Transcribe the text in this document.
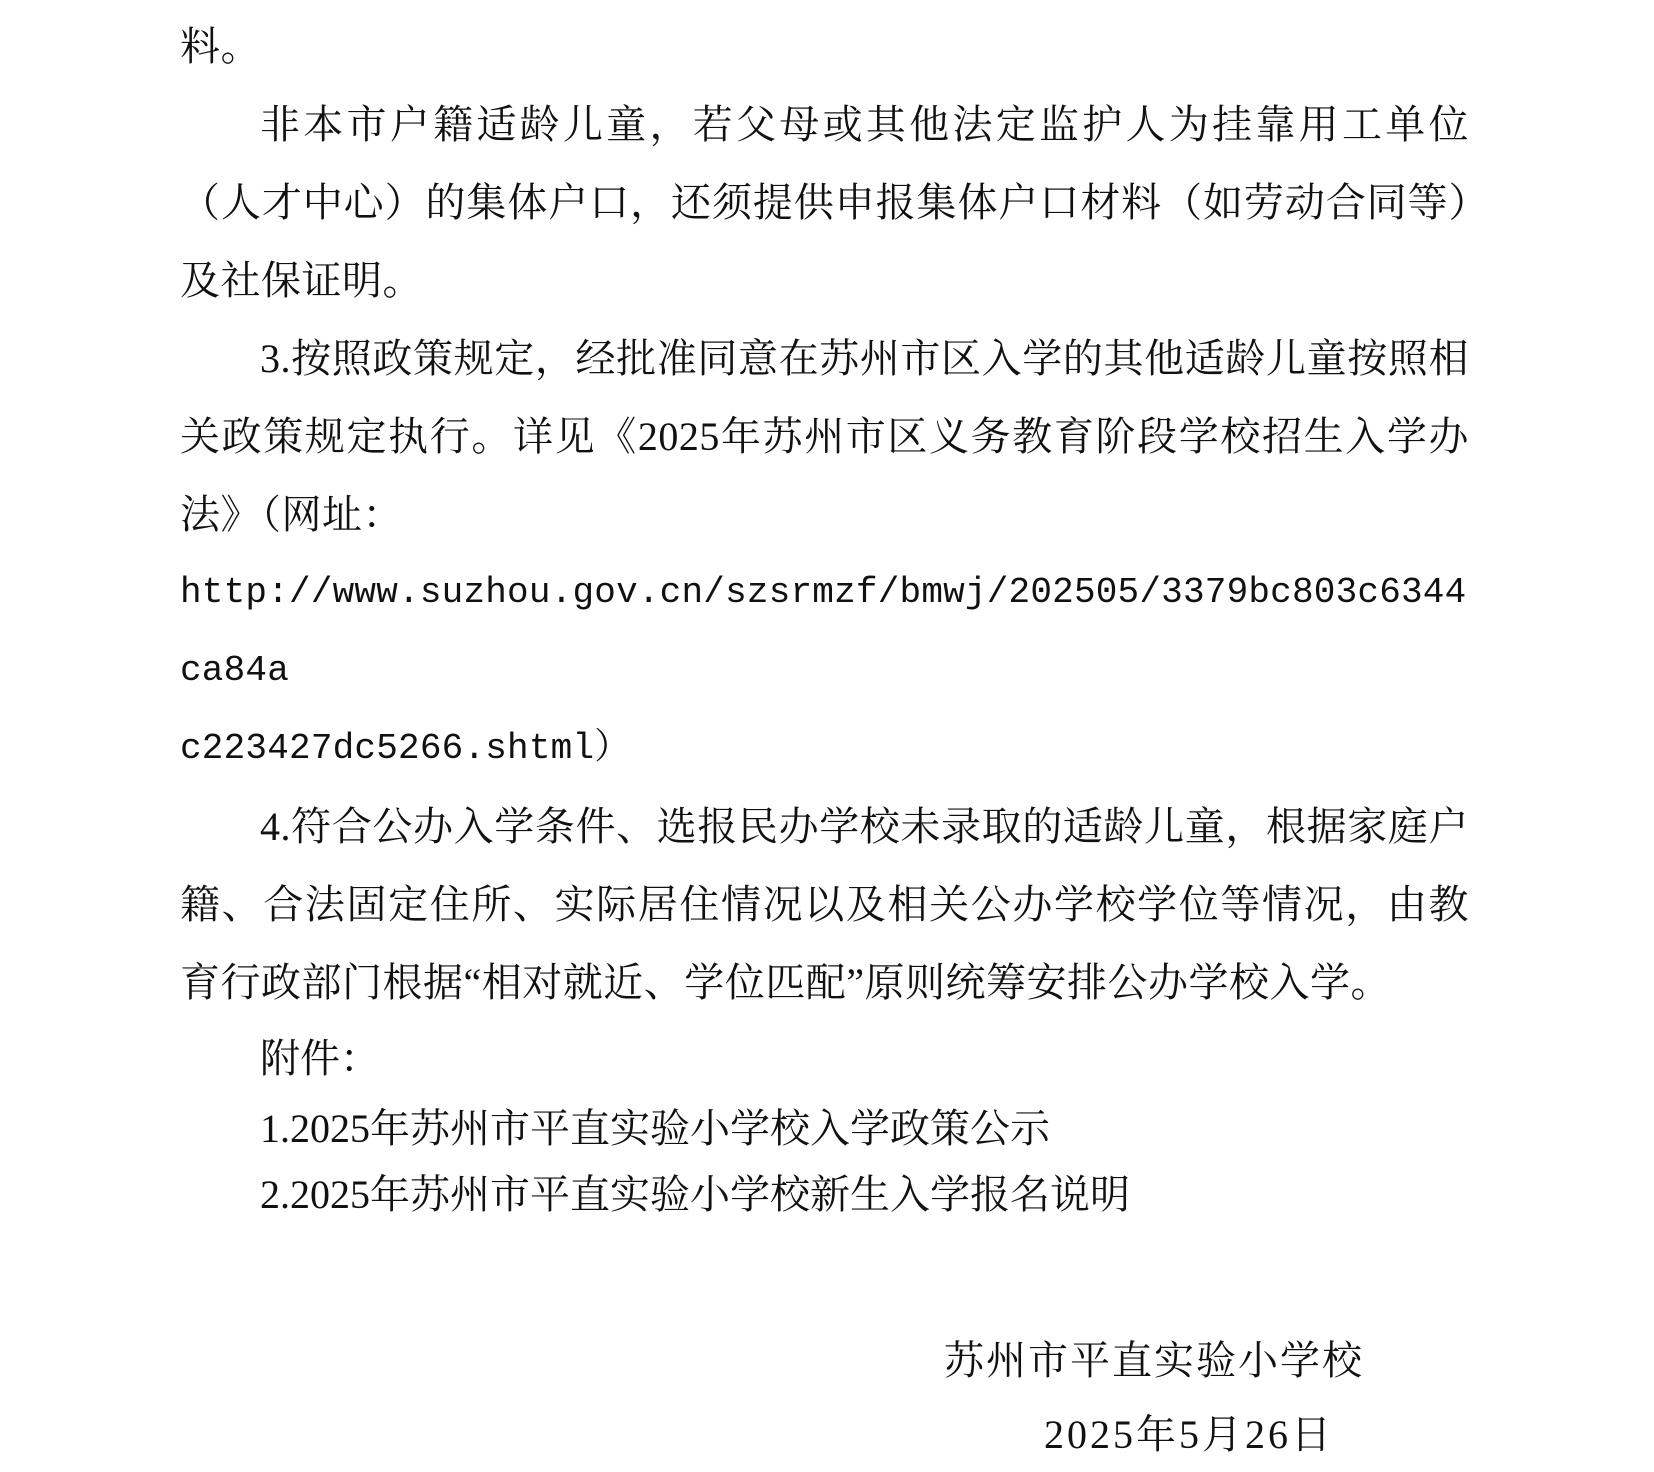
料。

非本市户籍适龄儿童，若父母或其他法定监护人为挂靠用工单位（人才中心）的集体户口，还须提供申报集体户口材料（如劳动合同等）及社保证明。

3.按照政策规定，经批准同意在苏州市区入学的其他适龄儿童按照相关政策规定执行。详见《2025年苏州市区义务教育阶段学校招生入学办法》（网址：

http://www.suzhou.gov.cn/szsrmzf/bmwj/202505/3379bc803c6344ca84a

c223427dc5266.shtml）

4.符合公办入学条件、选报民办学校未录取的适龄儿童，根据家庭户籍、合法固定住所、实际居住情况以及相关公办学校学位等情况，由教育行政部门根据“相对就近、学位匹配”原则统筹安排公办学校入学。

附件：

1.2025年苏州市平直实验小学校入学政策公示

2.2025年苏州市平直实验小学校新生入学报名说明

苏州市平直实验小学校
2025年5月26日
